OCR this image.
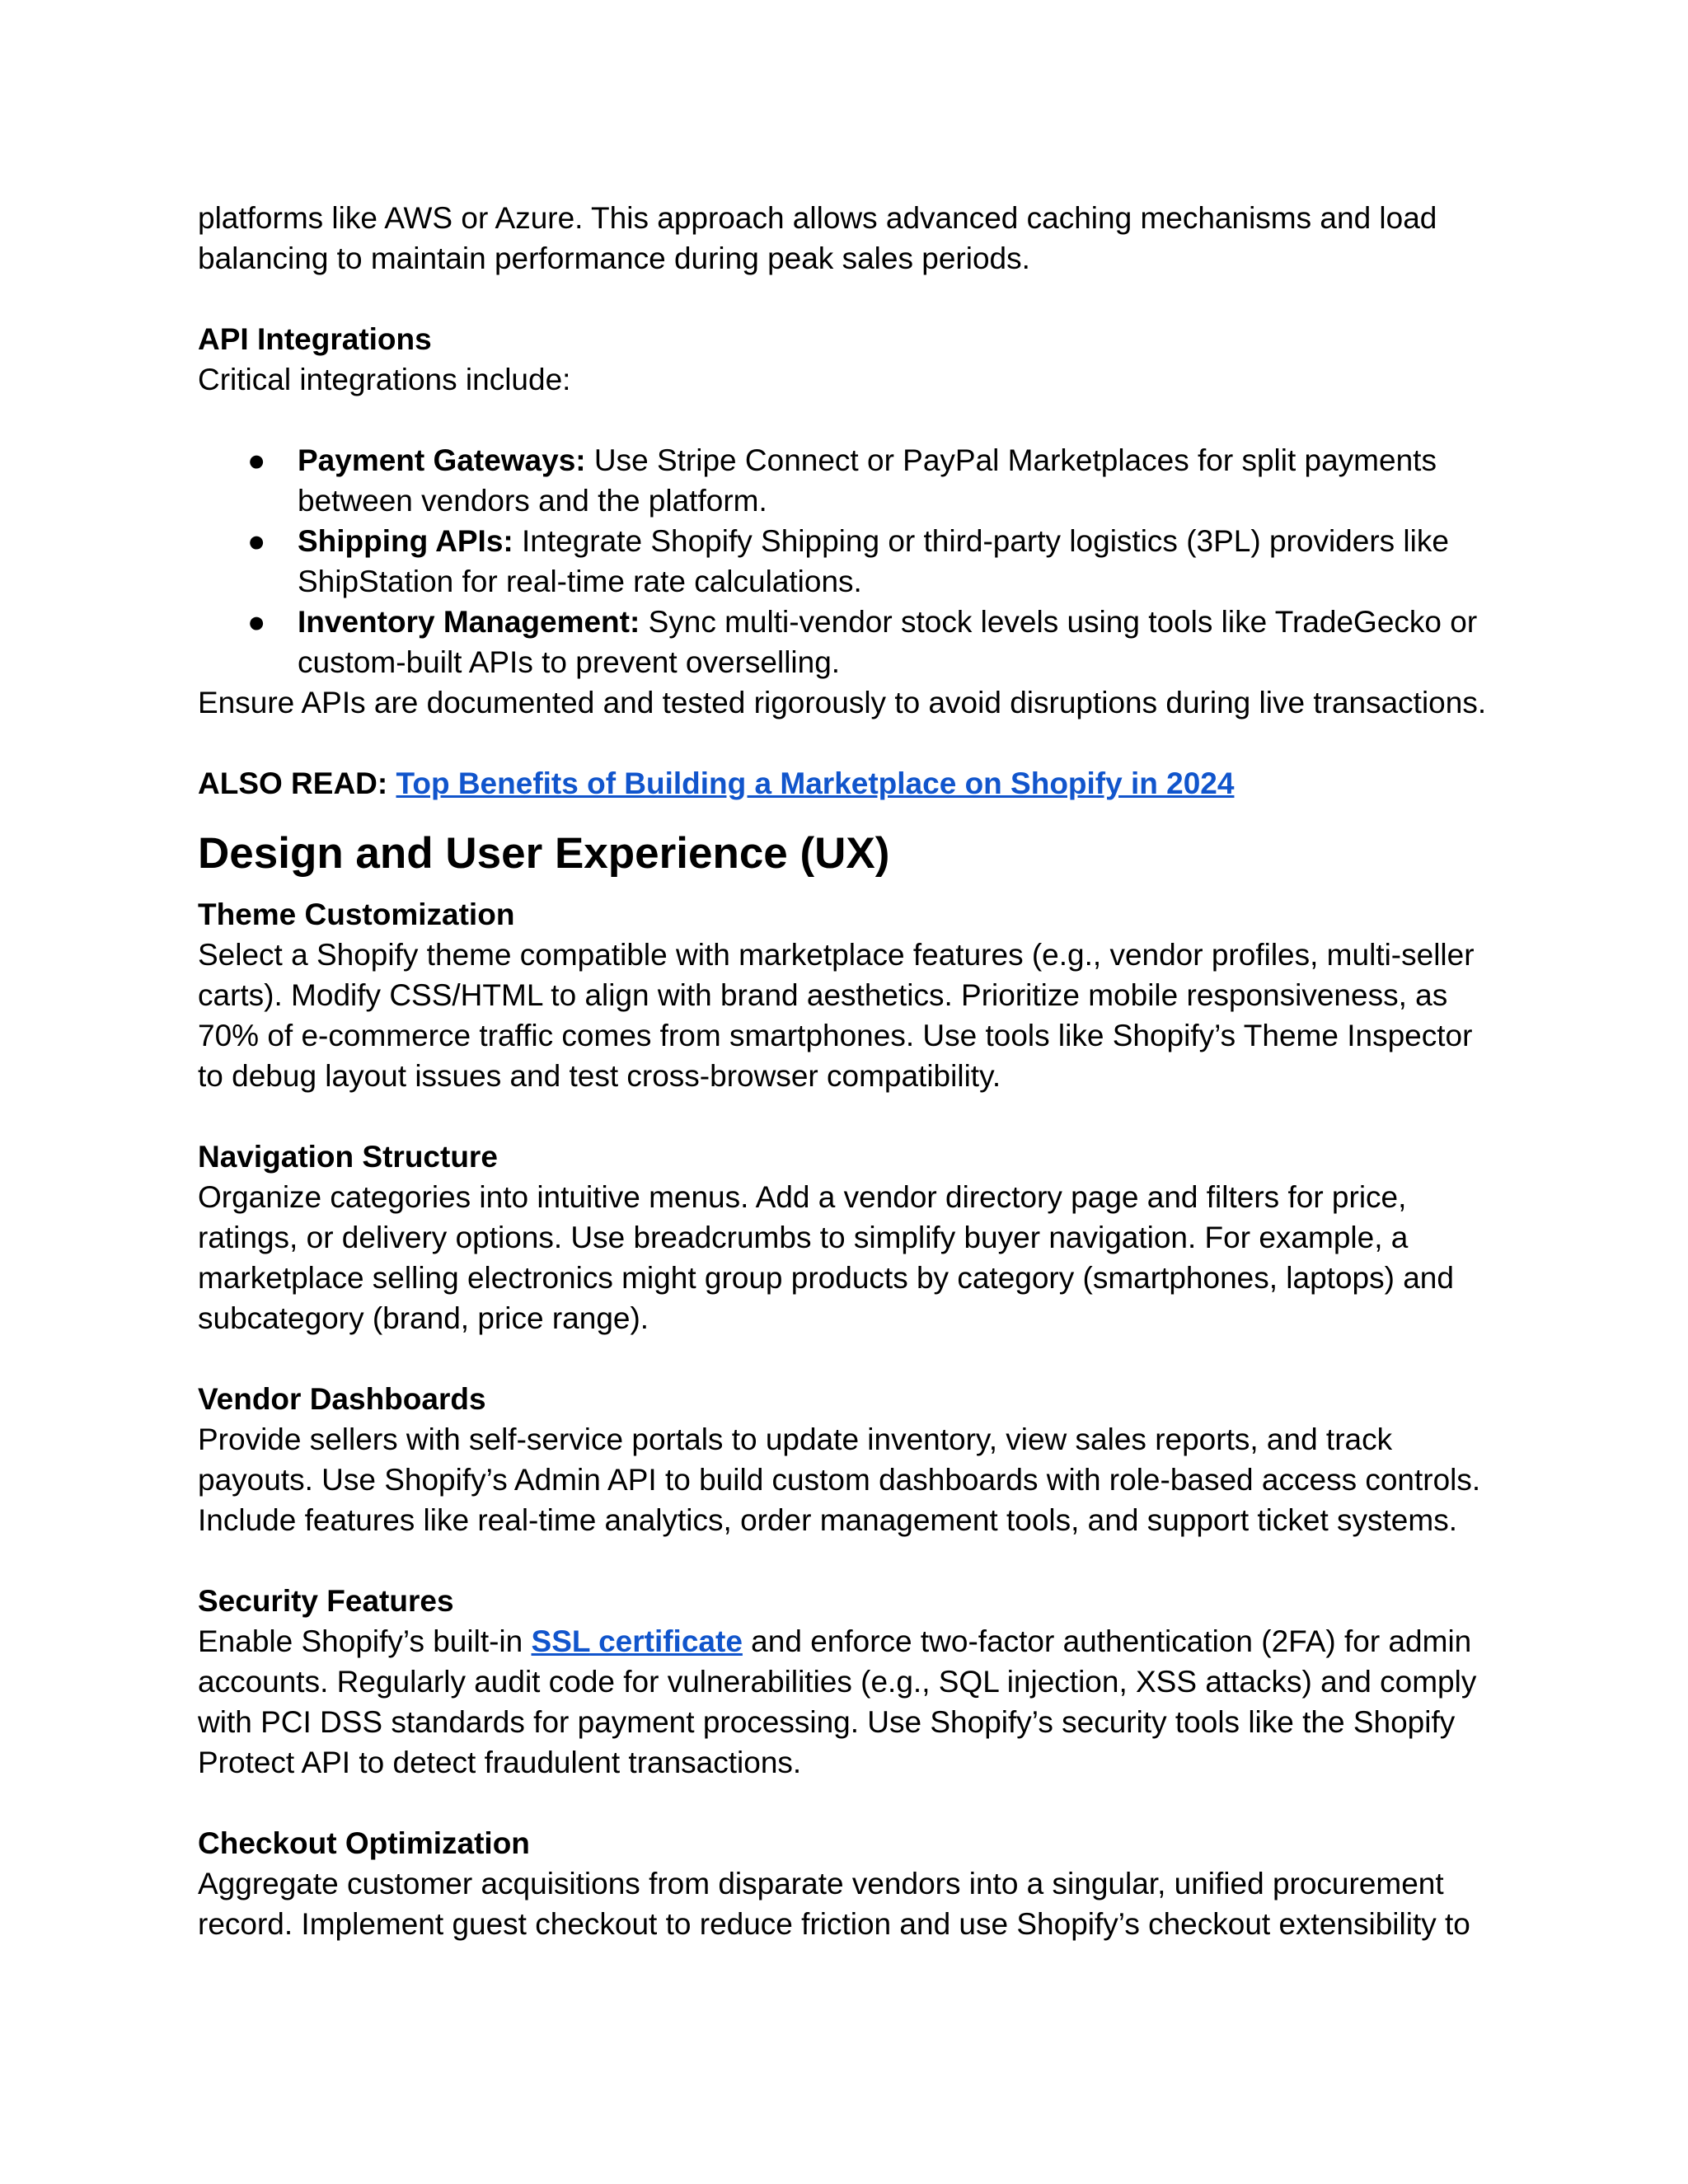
platforms like AWS or Azure. This approach allows advanced caching mechanisms and load balancing to maintain performance during peak sales periods.

API Integrations

Critical integrations include:

● Payment Gateways: Use Stripe Connect or PayPal Marketplaces for split payments between vendors and the platform.
● Shipping APIs: Integrate Shopify Shipping or third-party logistics (3PL) providers like ShipStation for real-time rate calculations.
● Inventory Management: Sync multi-vendor stock levels using tools like TradeGecko or custom-built APIs to prevent overselling.

Ensure APIs are documented and tested rigorously to avoid disruptions during live transactions.

ALSO READ: Top Benefits of Building a Marketplace on Shopify in 2024

Design and User Experience (UX)
Theme Customization

Select a Shopify theme compatible with marketplace features (e.g., vendor profiles, multi-seller carts). Modify CSS/HTML to align with brand aesthetics. Prioritize mobile responsiveness, as 70% of e-commerce traffic comes from smartphones. Use tools like Shopify’s Theme Inspector to debug layout issues and test cross-browser compatibility.

Navigation Structure

Organize categories into intuitive menus. Add a vendor directory page and filters for price, ratings, or delivery options. Use breadcrumbs to simplify buyer navigation. For example, a marketplace selling electronics might group products by category (smartphones, laptops) and subcategory (brand, price range).

Vendor Dashboards

Provide sellers with self-service portals to update inventory, view sales reports, and track payouts. Use Shopify’s Admin API to build custom dashboards with role-based access controls. Include features like real-time analytics, order management tools, and support ticket systems.

Security Features

Enable Shopify’s built-in SSL certificate and enforce two-factor authentication (2FA) for admin accounts. Regularly audit code for vulnerabilities (e.g., SQL injection, XSS attacks) and comply with PCI DSS standards for payment processing. Use Shopify’s security tools like the Shopify Protect API to detect fraudulent transactions.

Checkout Optimization

Aggregate customer acquisitions from disparate vendors into a singular, unified procurement record. Implement guest checkout to reduce friction and use Shopify’s checkout extensibility to
